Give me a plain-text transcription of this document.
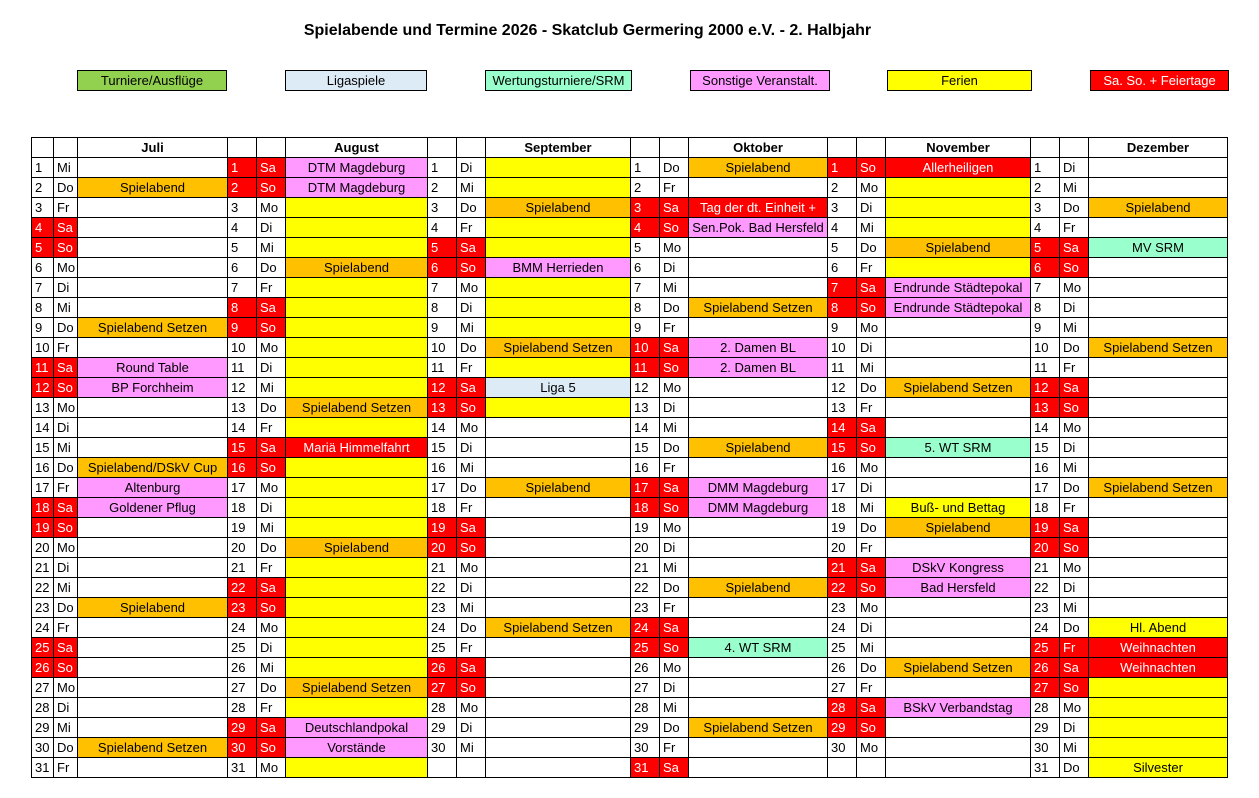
Spielabende und Termine 2026 - Skatclub Germering 2000 e.V. - 2. Halbjahr
Turniere/Ausflüge	Ligaspiele	Wertungsturniere/SRM	Sonstige Veranstalt.	Ferien	Sa. So. + Feiertage
		Juli			August			September			Oktober			November			Dezember
1	Mi		1	Sa	DTM Magdeburg	1	Di		1	Do	Spielabend	1	So	Allerheiligen	1	Di	
2	Do	Spielabend	2	So	DTM Magdeburg	2	Mi		2	Fr		2	Mo		2	Mi	
3	Fr		3	Mo		3	Do	Spielabend	3	Sa	Tag der dt. Einheit +	3	Di		3	Do	Spielabend
4	Sa		4	Di		4	Fr		4	So	Sen.Pok. Bad Hersfeld	4	Mi		4	Fr	
5	So		5	Mi		5	Sa		5	Mo		5	Do	Spielabend	5	Sa	MV SRM
6	Mo		6	Do	Spielabend	6	So	BMM Herrieden	6	Di		6	Fr		6	So	
7	Di		7	Fr		7	Mo		7	Mi		7	Sa	Endrunde Städtepokal	7	Mo	
8	Mi		8	Sa		8	Di		8	Do	Spielabend Setzen	8	So	Endrunde Städtepokal	8	Di	
9	Do	Spielabend Setzen	9	So		9	Mi		9	Fr		9	Mo		9	Mi	
10	Fr		10	Mo		10	Do	Spielabend Setzen	10	Sa	2. Damen BL	10	Di		10	Do	Spielabend Setzen
11	Sa	Round Table	11	Di		11	Fr		11	So	2. Damen BL	11	Mi		11	Fr	
12	So	BP Forchheim	12	Mi		12	Sa	Liga 5	12	Mo		12	Do	Spielabend Setzen	12	Sa	
13	Mo		13	Do	Spielabend Setzen	13	So		13	Di		13	Fr		13	So	
14	Di		14	Fr		14	Mo		14	Mi		14	Sa		14	Mo	
15	Mi		15	Sa	Mariä Himmelfahrt	15	Di		15	Do	Spielabend	15	So	5. WT SRM	15	Di	
16	Do	Spielabend/DSkV Cup	16	So		16	Mi		16	Fr		16	Mo		16	Mi	
17	Fr	Altenburg	17	Mo		17	Do	Spielabend	17	Sa	DMM Magdeburg	17	Di		17	Do	Spielabend Setzen
18	Sa	Goldener Pflug	18	Di		18	Fr		18	So	DMM Magdeburg	18	Mi	Buß- und Bettag	18	Fr	
19	So		19	Mi		19	Sa		19	Mo		19	Do	Spielabend	19	Sa	
20	Mo		20	Do	Spielabend	20	So		20	Di		20	Fr		20	So	
21	Di		21	Fr		21	Mo		21	Mi		21	Sa	DSkV Kongress	21	Mo	
22	Mi		22	Sa		22	Di		22	Do	Spielabend	22	So	Bad Hersfeld	22	Di	
23	Do	Spielabend	23	So		23	Mi		23	Fr		23	Mo		23	Mi	
24	Fr		24	Mo		24	Do	Spielabend Setzen	24	Sa		24	Di		24	Do	Hl. Abend
25	Sa		25	Di		25	Fr		25	So	4. WT SRM	25	Mi		25	Fr	Weihnachten
26	So		26	Mi		26	Sa		26	Mo		26	Do	Spielabend Setzen	26	Sa	Weihnachten
27	Mo		27	Do	Spielabend Setzen	27	So		27	Di		27	Fr		27	So	
28	Di		28	Fr		28	Mo		28	Mi		28	Sa	BSkV Verbandstag	28	Mo	
29	Mi		29	Sa	Deutschlandpokal	29	Di		29	Do	Spielabend Setzen	29	So		29	Di	
30	Do	Spielabend Setzen	30	So	Vorstände	30	Mi		30	Fr		30	Mo		30	Mi	
31	Fr		31	Mo					31	Sa					31	Do	Silvester
